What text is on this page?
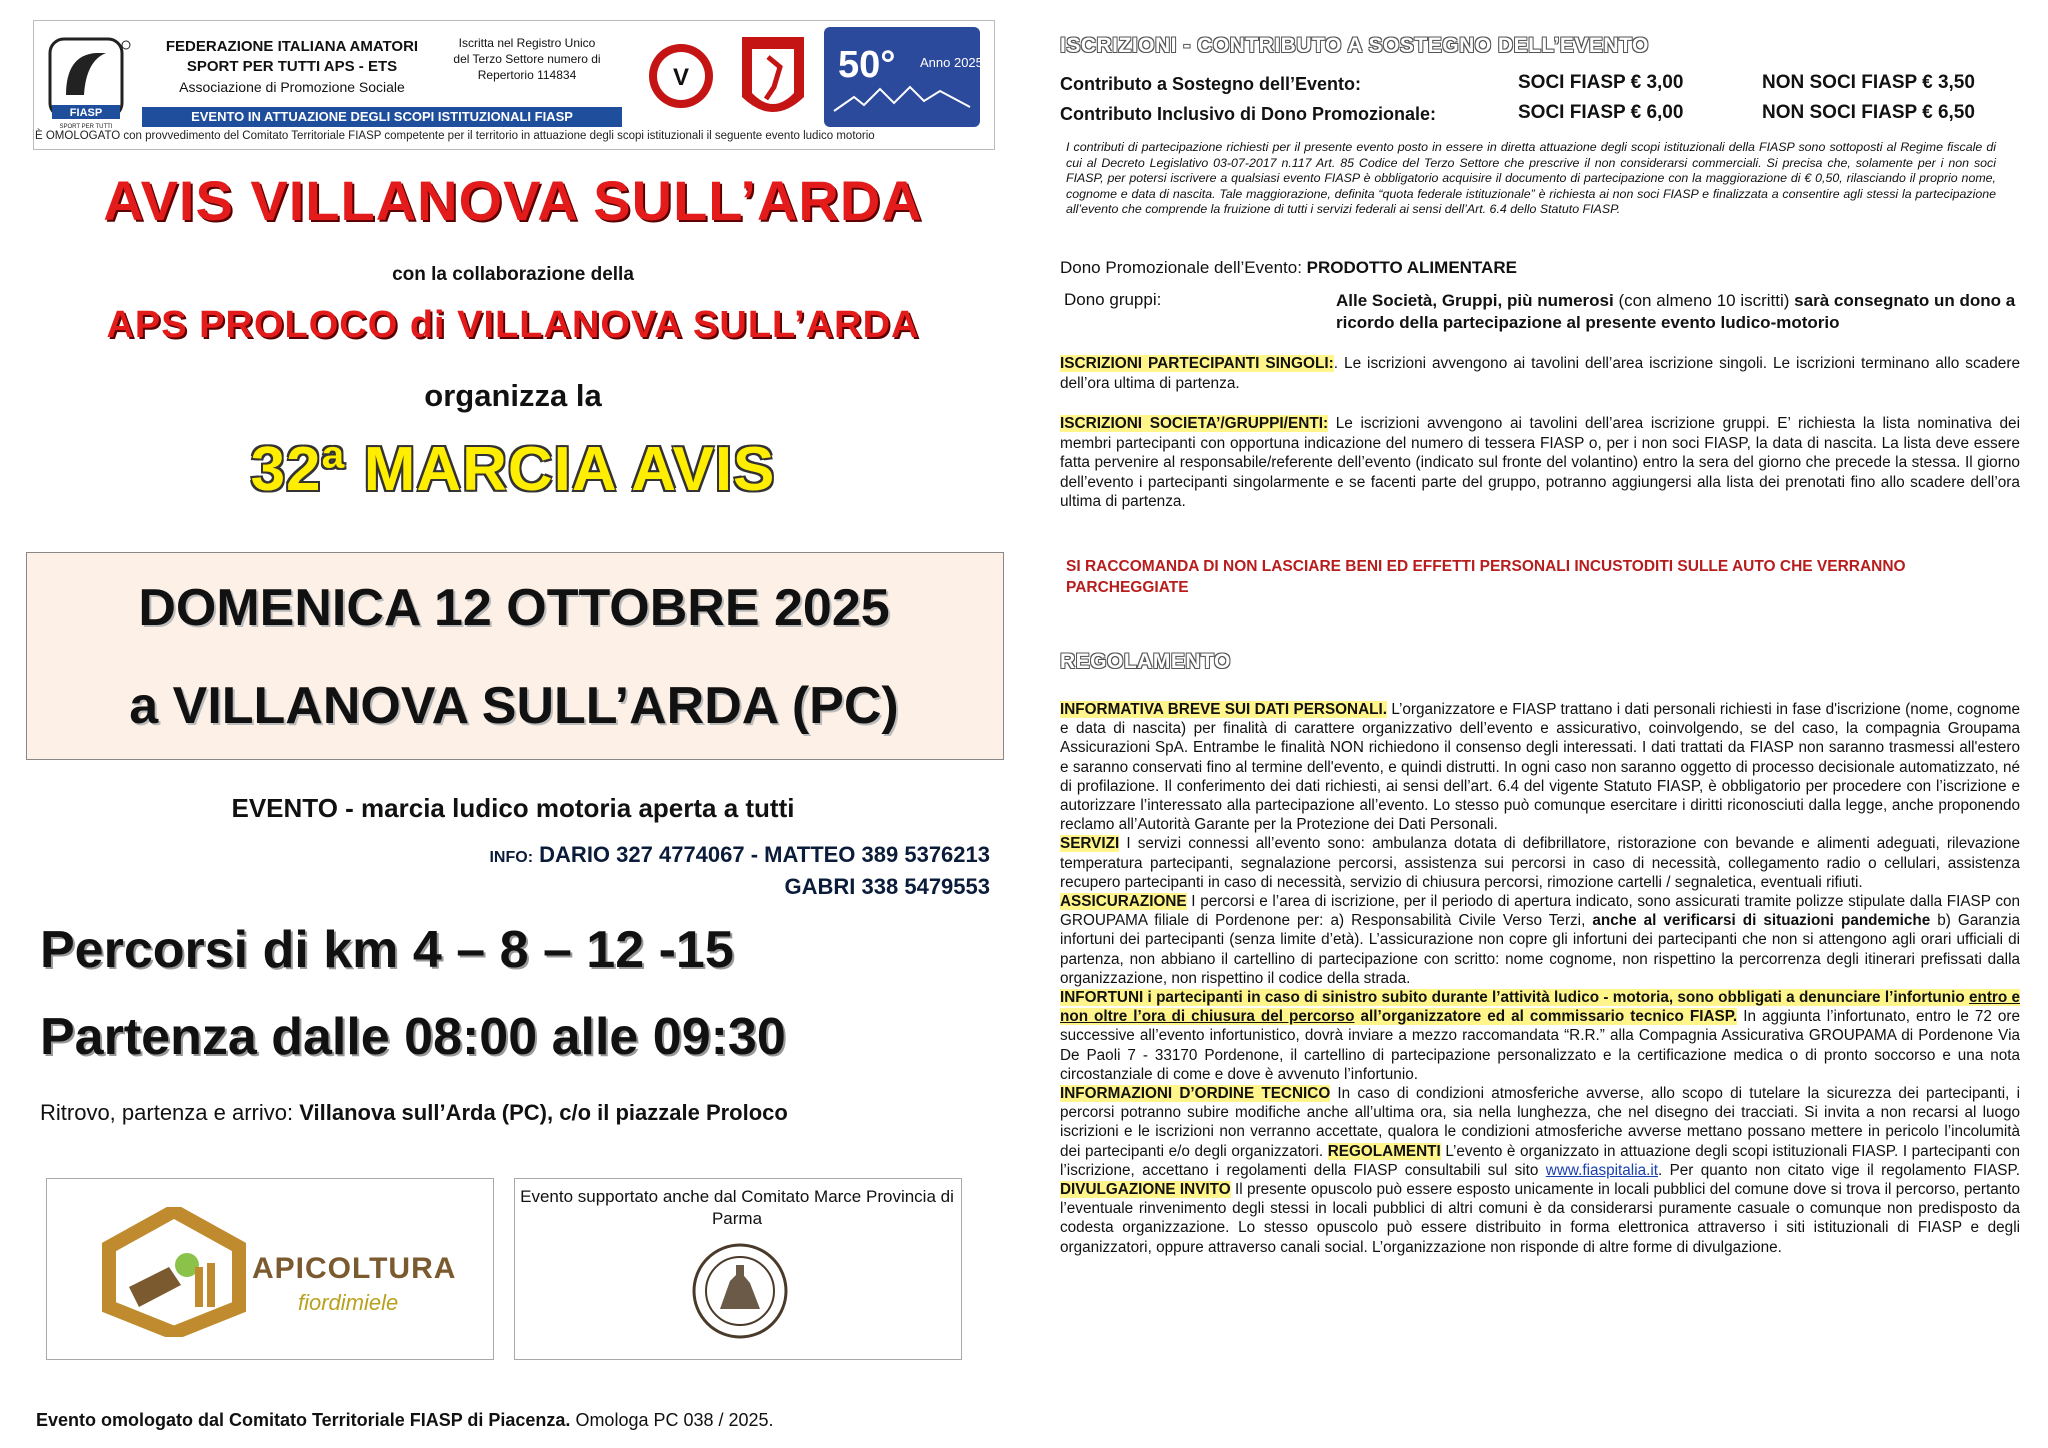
FIASP
SPORT PER TUTTI
FEDERAZIONE ITALIANA AMATORI
SPORT PER TUTTI APS - ETS
Associazione di Promozione Sociale
Iscritta nel Registro Unico del Terzo Settore numero di Repertorio 114834
EVENTO IN ATTUAZIONE DEGLI SCOPI ISTITUZIONALI FIASP
V	50° Anno 2025
È OMOLOGATO con provvedimento del Comitato Territoriale FIASP competente per il territorio in attuazione degli scopi istituzionali il seguente evento ludico motorio
AVIS VILLANOVA SULL’ARDA
con la collaborazione della
APS PROLOCO di VILLANOVA SULL’ARDA
organizza la
32ª MARCIA AVIS
DOMENICA 12 OTTOBRE 2025
a VILLANOVA SULL’ARDA (PC)
EVENTO - marcia ludico motoria aperta a tutti
INFO: DARIO 327 4774067 - MATTEO 389 5376213
GABRI 338 5479553
Percorsi di km 4 – 8 – 12 -15
Partenza dalle 08:00 alle 09:30
Ritrovo, partenza e arrivo: Villanova sull’Arda (PC), c/o il piazzale Proloco
APICOLTURA
fiordimiele
Evento supportato anche dal Comitato Marce Provincia di Parma
Evento omologato dal Comitato Territoriale FIASP di Piacenza. Omologa PC 038 / 2025.
ISCRIZIONI - CONTRIBUTO A SOSTEGNO DELL’EVENTO
Contributo a Sostegno dell’Evento:	SOCI FIASP € 3,00	NON SOCI FIASP € 3,50
Contributo Inclusivo di Dono Promozionale:	SOCI FIASP € 6,00	NON SOCI FIASP € 6,50
I contributi di partecipazione richiesti per il presente evento posto in essere in diretta attuazione degli scopi istituzionali della FIASP sono sottoposti al Regime fiscale di cui al Decreto Legislativo 03-07-2017 n.117 Art. 85 Codice del Terzo Settore che prescrive il non considerarsi commerciali. Si precisa che, solamente per i non soci FIASP, per potersi iscrivere a qualsiasi evento FIASP è obbligatorio acquisire il documento di partecipazione con la maggiorazione di € 0,50, rilasciando il proprio nome, cognome e data di nascita. Tale maggiorazione, definita “quota federale istituzionale” è richiesta ai non soci FIASP e finalizzata a consentire agli stessi la partecipazione all’evento che comprende la fruizione di tutti i servizi federali ai sensi dell’Art. 6.4 dello Statuto FIASP.
Dono Promozionale dell’Evento: PRODOTTO ALIMENTARE
Dono gruppi:	Alle Società, Gruppi, più numerosi (con almeno 10 iscritti) sarà consegnato un dono a ricordo della partecipazione al presente evento ludico-motorio
ISCRIZIONI PARTECIPANTI SINGOLI:. Le iscrizioni avvengono ai tavolini dell’area iscrizione singoli. Le iscrizioni terminano allo scadere dell’ora ultima di partenza.
ISCRIZIONI SOCIETA’/GRUPPI/ENTI: Le iscrizioni avvengono ai tavolini dell’area iscrizione gruppi. E’ richiesta la lista nominativa dei membri partecipanti con opportuna indicazione del numero di tessera FIASP o, per i non soci FIASP, la data di nascita. La lista deve essere fatta pervenire al responsabile/referente dell’evento (indicato sul fronte del volantino) entro la sera del giorno che precede la stessa. Il giorno dell’evento i partecipanti singolarmente e se facenti parte del gruppo, potranno aggiungersi alla lista dei prenotati fino allo scadere dell’ora ultima di partenza.
SI RACCOMANDA DI NON LASCIARE BENI ED EFFETTI PERSONALI INCUSTODITI SULLE AUTO CHE VERRANNO PARCHEGGIATE
REGOLAMENTO
INFORMATIVA BREVE SUI DATI PERSONALI. L’organizzatore e FIASP trattano i dati personali richiesti in fase d'iscrizione (nome, cognome e data di nascita) per finalità di carattere organizzativo dell’evento e assicurativo, coinvolgendo, se del caso, la compagnia Groupama Assicurazioni SpA. Entrambe le finalità NON richiedono il consenso degli interessati. I dati trattati da FIASP non saranno trasmessi all'estero e saranno conservati fino al termine dell'evento, e quindi distrutti. In ogni caso non saranno oggetto di processo decisionale automatizzato, né di profilazione. Il conferimento dei dati richiesti, ai sensi dell’art. 6.4 del vigente Statuto FIASP, è obbligatorio per procedere con l’iscrizione e autorizzare l’interessato alla partecipazione all’evento. Lo stesso può comunque esercitare i diritti riconosciuti dalla legge, anche proponendo reclamo all’Autorità Garante per la Protezione dei Dati Personali.
SERVIZI I servizi connessi all’evento sono: ambulanza dotata di defibrillatore, ristorazione con bevande e alimenti adeguati, rilevazione temperatura partecipanti, segnalazione percorsi, assistenza sui percorsi in caso di necessità, collegamento radio o cellulari, assistenza recupero partecipanti in caso di necessità, servizio di chiusura percorsi, rimozione cartelli / segnaletica, eventuali rifiuti.
ASSICURAZIONE I percorsi e l’area di iscrizione, per il periodo di apertura indicato, sono assicurati tramite polizze stipulate dalla FIASP con GROUPAMA filiale di Pordenone per: a) Responsabilità Civile Verso Terzi, anche al verificarsi di situazioni pandemiche b) Garanzia infortuni dei partecipanti (senza limite d’età). L’assicurazione non copre gli infortuni dei partecipanti che non si attengono agli orari ufficiali di partenza, non abbiano il cartellino di partecipazione con scritto: nome cognome, non rispettino la percorrenza degli itinerari prefissati dalla organizzazione, non rispettino il codice della strada.
INFORTUNI i partecipanti in caso di sinistro subito durante l’attività ludico - motoria, sono obbligati a denunciare l’infortunio entro e non oltre l’ora di chiusura del percorso all’organizzatore ed al commissario tecnico FIASP. In aggiunta l’infortunato, entro le 72 ore successive all’evento infortunistico, dovrà inviare a mezzo raccomandata “R.R.” alla Compagnia Assicurativa GROUPAMA di Pordenone Via De Paoli 7 - 33170 Pordenone, il cartellino di partecipazione personalizzato e la certificazione medica o di pronto soccorso e una nota circostanziale di come e dove è avvenuto l’infortunio.
INFORMAZIONI D’ORDINE TECNICO In caso di condizioni atmosferiche avverse, allo scopo di tutelare la sicurezza dei partecipanti, i percorsi potranno subire modifiche anche all’ultima ora, sia nella lunghezza, che nel disegno dei tracciati. Si invita a non recarsi al luogo iscrizioni e le iscrizioni non verranno accettate, qualora le condizioni atmosferiche avverse mettano possano mettere in pericolo l’incolumità dei partecipanti e/o degli organizzatori. REGOLAMENTI L’evento è organizzato in attuazione degli scopi istituzionali FIASP. I partecipanti con l’iscrizione, accettano i regolamenti della FIASP consultabili sul sito www.fiaspitalia.it. Per quanto non citato vige il regolamento FIASP. DIVULGAZIONE INVITO Il presente opuscolo può essere esposto unicamente in locali pubblici del comune dove si trova il percorso, pertanto l’eventuale rinvenimento degli stessi in locali pubblici di altri comuni è da considerarsi puramente casuale o comunque non predisposto da codesta organizzazione. Lo stesso opuscolo può essere distribuito in forma elettronica attraverso i siti istituzionali di FIASP e degli organizzatori, oppure attraverso canali social. L’organizzazione non risponde di altre forme di divulgazione.
